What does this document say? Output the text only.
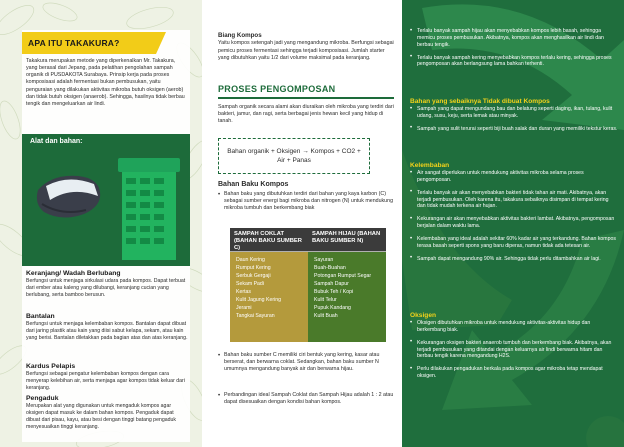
Takakura merupakan metode yang diperkenalkan Mr. Takakura, yang berasal dari Jepang, pada pelatihan pengolahan sampah organik di PUSDAKOTA Surabaya. Prinsip kerja pada proses komposisasi adalah fermentasi bukan pembusukan, yaitu penguraian yang dilakukan aktivitas mikroba butuh oksigen (aerob) dan tidak butuh oksigen (anaerob). Sehingga, hasilnya tidak berbau tengik dan mengeluarkan air lindi.
Alat dan bahan:
Keranjang/ Wadah Berlubang

Berfungsi untuk menjaga sirkulasi udara pada kompos. Dapat terbuat dari ember atau kaleng yang dilubangi, keranjang cucian yang berlubang, serta bamboo berusun.

Bantalan

Berfungsi untuk menjaga kelembaban kompos. Bantalan dapat dibuat dari jaring plastik atau kain yang diisi sabut kelapa, sekam, atau kain yang berisi. Bantalan diletakkan pada bagian atas dan atas keranjang.

Kardus Pelapis

Berfungsi sebagai pengatur kelembaban kompos dengan cara menyerap kelebihan air, serta menjaga agar kompos tidak keluar dari keranjang.

Pengaduk

Merupakan alat yang digunakan untuk mengaduk kompos agar oksigen dapat masuk ke dalam bahan kompos. Pengaduk dapat dibuat dari pisau, kayu, atau besi dengan tinggi batang pengaduk menyesuaikan tinggi keranjang.

APA ITU TAKAKURA?
Biang Kompos
Yaitu kompos setengah jadi yang mengandung mikroba. Berfungsi sebagai pemicu proses fermentasi sehingga terjadi komposisasi. Jumlah starter yang dibutuhkan yaitu 1/2 dari volume maksimal pada keranjang.
PROSES PENGOMPOSAN
Sampah organik secara alami akan diuraikan oleh mikroba yang terdiri dari bakteri, jamur, dan ragi, serta berbagai jenis hewan kecil yang hidup di tanah.
Bahan organik + Oksigen → Kompos + CO2 + Air + Panas
Bahan Baku Kompos
• Bahan baku yang dibutuhkan terdiri dari bahan yang kaya karbon (C) sebagai sumber energi bagi mikroba dan nitrogen (N) untuk mendukung mikroba tumbuh dan berkembang biak
SAMPAH COKLAT (BAHAN BAKU SUMBER C)
Daun Kering
Rumput Kering
Serbuk Gergaji
Sekam Padi
Kertas
Kulit Jagung Kering
Jerami
Tangkai Sayuran
SAMPAH HIJAU (BAHAN BAKU SUMBER N)
Sayuran
Buah-Buahan
Potongan Rumput Segar
Sampah Dapur
Bubuk Teh / Kopi
Kulit Telur
Pupuk Kandang
Kulit Buah
• Bahan baku sumber C memiliki ciri bentuk yang kering, kasar atau berserat, dan berwarna coklat. Sedangkan, bahan baku sumber N umumnya mengandung banyak air dan berwarna hijau.
• Perbandingan ideal Sampah Coklat dan Sampah Hijau adalah 1 : 2 atau dapat disesuaikan dengan kondisi bahan kompos.
• Terlalu banyak sampah hijau akan menyebabkan kompos lebih basah, sehingga memicu proses pembusukan. Akibatnya, kompos akan menghasilkan air lindi dan berbau tengik.
• Terlalu banyak sampah kering menyebabkan kompos terlalu kering, sehingga proses pengomposan akan berlangsung lama bahkan terhenti.
Bahan yang sebaiknya Tidak dibuat Kompos
• Sampah yang dapat mengundang bau dan belatung seperti daging, ikan, tulang, kulit udang, susu, keju, serta lemak atau minyak.
• Sampah yang sulit terurai seperti biji buah salak dan duran yang memiliki tekstur keras.
Kelembaban
• Air sangat diperlukan untuk mendukung aktivitas mikroba selama proses pengomposan.
• Terlalu banyak air akan menyebabkan bakteri tidak tahan air mati. Akibatnya, akan terjadi pembusukan. Oleh karena itu, takakura sebaiknya disimpan di tempat kering dan tidak mudah terkena air hujan.
• Kekurangan air akan menyebabkan aktivitas bakteri lambat. Akibatnya, pengomposan berjalan dalam waktu lama.
• Kelembaban yang ideal adalah sekitar 60% kadar air yang terkandung. Bahan kompos terasa basah seperti spons yang baru diperas, namun tidak ada tetesan air.
• Sampah dapat mengandung 90% air. Sehingga tidak perlu ditambahkan air lagi.
Oksigen
• Oksigen dibutuhkan mikroba untuk mendukung aktivitas-aktivitas hidup dan berkembang biak.
• Kekurangan oksigen bakteri anaerob tumbuh dan berkembang biak. Akibatnya, akan terjadi pembusukan yang ditandai dengan keluarnya air lindi berwarna hitam dan berbau tengik karena mengandung H2S.
• Perlu dilakukan pengadukan berkala pada kompos agar mikroba tetap mendapat oksigen.
